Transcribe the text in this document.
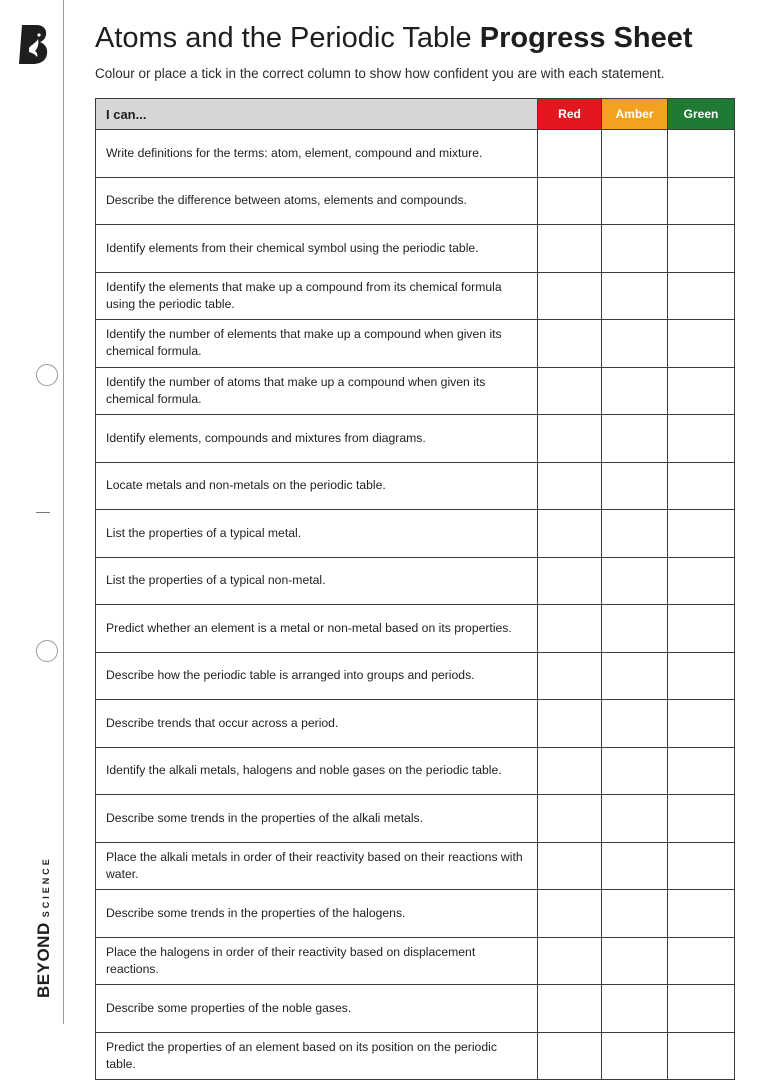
BEYONDSCIENCE
Atoms and the Periodic Table Progress Sheet

Colour or place a tick in the correct column to show how confident you are with each statement.

I can...	Red	Amber	Green
Write definitions for the terms: atom, element, compound and mixture.			
Describe the difference between atoms, elements and compounds.			
Identify elements from their chemical symbol using the periodic table.			
Identify the elements that make up a compound from its chemical formula using the periodic table.			
Identify the number of elements that make up a compound when given its chemical formula.			
Identify the number of atoms that make up a compound when given its chemical formula.			
Identify elements, compounds and mixtures from diagrams.			
Locate metals and non-metals on the periodic table.			
List the properties of a typical metal.			
List the properties of a typical non-metal.			
Predict whether an element is a metal or non-metal based on its properties.			
Describe how the periodic table is arranged into groups and periods.			
Describe trends that occur across a period.			
Identify the alkali metals, halogens and noble gases on the periodic table.			
Describe some trends in the properties of the alkali metals.			
Place the alkali metals in order of their reactivity based on their reactions with water.			
Describe some trends in the properties of the halogens.			
Place the halogens in order of their reactivity based on displacement reactions.			
Describe some properties of the noble gases.			
Predict the properties of an element based on its position on the periodic table.			
